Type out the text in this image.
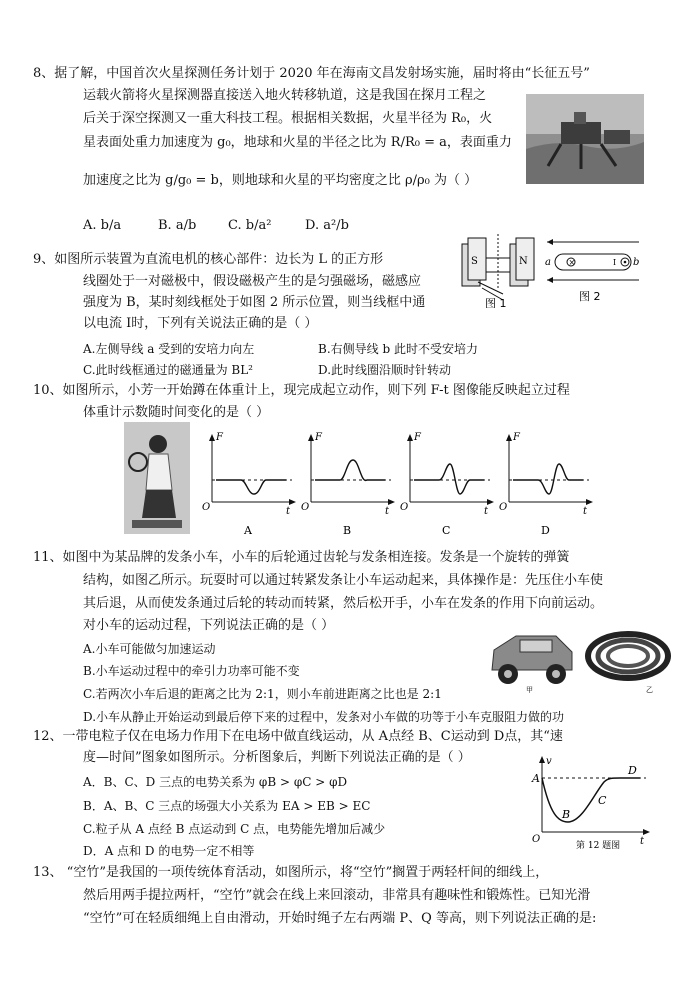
8、据了解，中国首次火星探测任务计划于 2020 年在海南文昌发射场实施，届时将由“长征五号”
运载火箭将火星探测器直接送入地火转移轨道，这是我国在探月工程之
后关于深空探测又一重大科技工程。根据相关数据，火星半径为 R₀，火
星表面处重力加速度为 g₀，地球和火星的半径之比为 R/R₀ = a，表面重力
加速度之比为 g/g₀ = b，则地球和火星的平均密度之比 ρ/ρ₀ 为（ ）
A. b/a	B. a/b C. b/a²	D. a²/b
9、如图所示装置为直流电机的核心部件：边长为 L 的正方形
线圈处于一对磁极中，假设磁极产生的是匀强磁场，磁感应
强度为 B，某时刻线框处于如图 2 所示位置，则当线框中通
以电流 I时，下列有关说法正确的是（ ）
A.左侧导线 a 受到的安培力向左	B.右侧导线 b 此时不受安培力
C.此时线框通过的磁通量为 BL²	D.此时线圈沿顺时针转动
S	N
图 1
a ×	I b
图 2
10、如图所示，小芳一开始蹲在体重计上，现完成起立动作，则下列 F-t 图像能反映起立过程
体重计示数随时间变化的是（ ）
F
t
O
A
F
t
O
B
F
t
O
C
F
t
O
D
11、如图中为某品牌的发条小车，小车的后轮通过齿轮与发条相连接。发条是一个旋转的弹簧
结构，如图乙所示。玩耍时可以通过转紧发条让小车运动起来，具体操作是：先压住小车使
其后退，从而使发条通过后轮的转动而转紧，然后松开手，小车在发条的作用下向前运动。
对小车的运动过程，下列说法正确的是（ ）
A.小车可能做匀加速运动
B.小车运动过程中的牵引力功率可能不变
C.若两次小车后退的距离之比为 2:1，则小车前进距离之比也是 2:1
D.小车从静止开始运动到最后停下来的过程中，发条对小车做的功等于小车克服阻力做的功
甲	乙
12、一带电粒子仅在电场力作用下在电场中做直线运动，从 A点经 B、C运动到 D点，其“速
度—时间”图象如图所示。分析图象后，判断下列说法正确的是（ ）
A．B、C、D 三点的电势关系为 φB > φC > φD
B．A、B、C 三点的场强大小关系为 EA > EB > EC
C.粒子从 A 点经 B 点运动到 C 点，电势能先增加后减少
D．A 点和 D 的电势一定不相等
v
t
O
A
B
C
D
第 12 题图
13、 “空竹”是我国的一项传统体育活动，如图所示，将“空竹”搁置于两轻杆间的细线上，
然后用两手提拉两杆，“空竹”就会在线上来回滚动，非常具有趣味性和锻炼性。已知光滑
“空竹”可在轻质细绳上自由滑动，开始时绳子左右两端 P、Q 等高，则下列说法正确的是:
